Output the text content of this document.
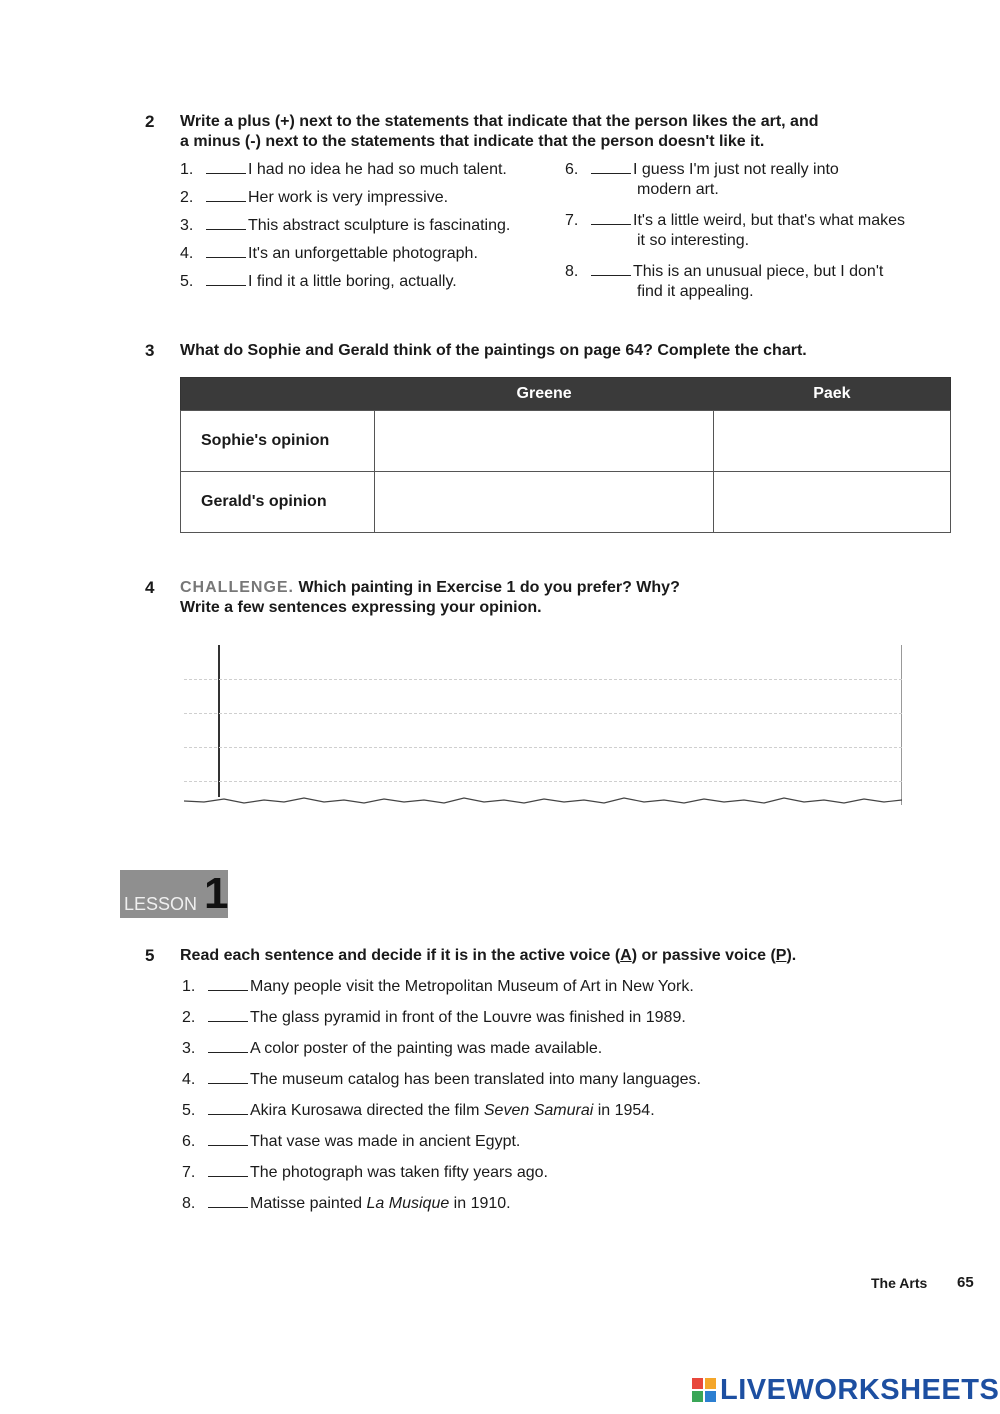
2 Write a plus (+) next to the statements that indicate that the person likes the art, and
a minus (-) next to the statements that indicate that the person doesn't like it.
1.	I had no idea he had so much talent.
2.	Her work is very impressive.
3.	This abstract sculpture is fascinating.
4.	It's an unforgettable photograph.
5.	I find it a little boring, actually.
6.	I guess I'm just not really into
modern art.
7.	It's a little weird, but that's what makes
it so interesting.
8.	This is an unusual piece, but I don't
find it appealing.
3 What do Sophie and Gerald think of the paintings on page 64? Complete the chart.
	Greene	Paek
Sophie's opinion		
Gerald's opinion		
4 CHALLENGE. Which painting in Exercise 1 do you prefer? Why?
Write a few sentences expressing your opinion.
LESSON 1
5 Read each sentence and decide if it is in the active voice (A) or passive voice (P).
1.	Many people visit the Metropolitan Museum of Art in New York.
2.	The glass pyramid in front of the Louvre was finished in 1989.
3.	A color poster of the painting was made available.
4.	The museum catalog has been translated into many languages.
5.	Akira Kurosawa directed the film Seven Samurai in 1954.
6.	That vase was made in ancient Egypt.
7.	The photograph was taken fifty years ago.
8.	Matisse painted La Musique in 1910.
The Arts 65
LIVEWORKSHEETS
